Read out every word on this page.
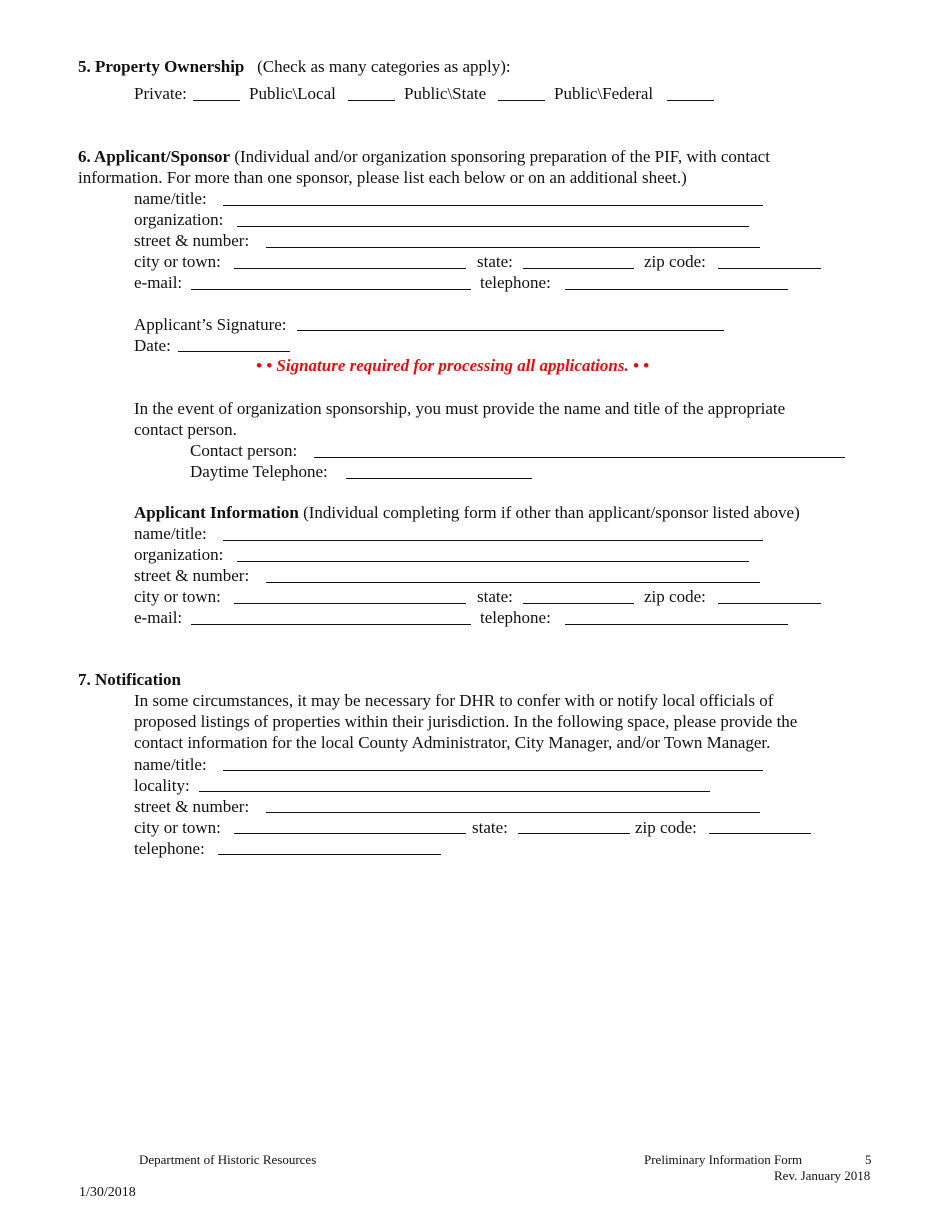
5. Property Ownership (Check as many categories as apply):
Private:	Public\Local	Public\State	Public\Federal
6. Applicant/Sponsor (Individual and/or organization sponsoring preparation of the PIF, with contact
information. For more than one sponsor, please list each below or on an additional sheet.)
name/title:
organization:
street & number:
city or town:	state:	zip code:
e-mail:	telephone:
Applicant’s Signature:
Date:
• • Signature required for processing all applications. • •
In the event of organization sponsorship, you must provide the name and title of the appropriate
contact person.
Contact person:
Daytime Telephone:
Applicant Information (Individual completing form if other than applicant/sponsor listed above)
name/title:
organization:
street & number:
city or town:	state:	zip code:
e-mail:	telephone:
7. Notification
In some circumstances, it may be necessary for DHR to confer with or notify local officials of
proposed listings of properties within their jurisdiction. In the following space, please provide the
contact information for the local County Administrator, City Manager, and/or Town Manager.
name/title:
locality:
street & number:
city or town:	state:	zip code:
telephone:
Department of Historic Resources	Preliminary Information Form	5
Rev. January 2018
1/30/2018
